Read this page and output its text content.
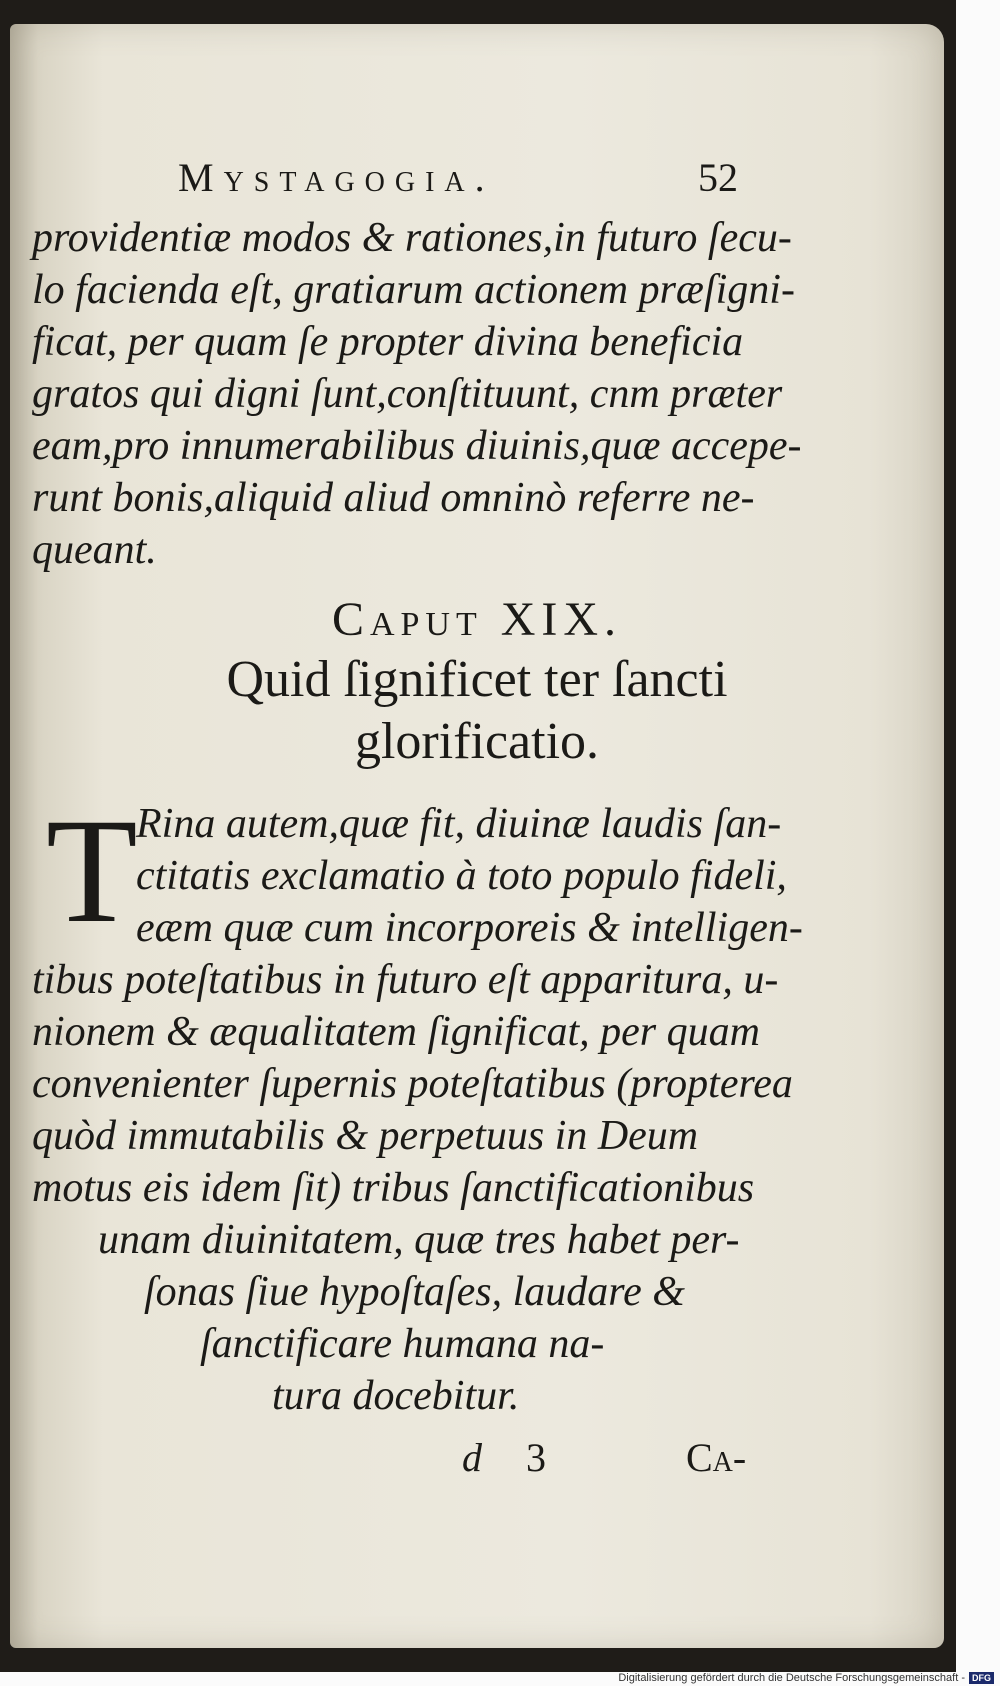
Mystagogia.	52
providentiæ modos & rationes,in futuro ſecu-
lo facienda eſt, gratiarum actionem præſigni-
ficat, per quam ſe propter divina beneficia
gratos qui digni ſunt,conſtituunt, cnm præter
eam,pro innumerabilibus diuinis,quæ accepe-
runt bonis,aliquid aliud omninò referre ne-
queant.
Caput XIX.
Quid ſignificet ter ſancti
glorificatio.
T
Rina autem,quæ fit, diuinæ laudis ſan-
ctitatis exclamatio à toto populo fideli,
eæm quæ cum incorporeis & intelligen-
tibus poteſtatibus in futuro eſt apparitura, u-
nionem & æqualitatem ſignificat, per quam
convenienter ſupernis poteſtatibus (propterea
quòd immutabilis & perpetuus in Deum
motus eis idem ſit) tribus ſanctificationibus
unam diuinitatem, quæ tres habet per-
ſonas ſiue hypoſtaſes, laudare &
ſanctificare humana na-
tura docebitur.
d 3	Ca-
Digitalisierung gefördert durch die Deutsche Forschungsgemeinschaft - DFG
